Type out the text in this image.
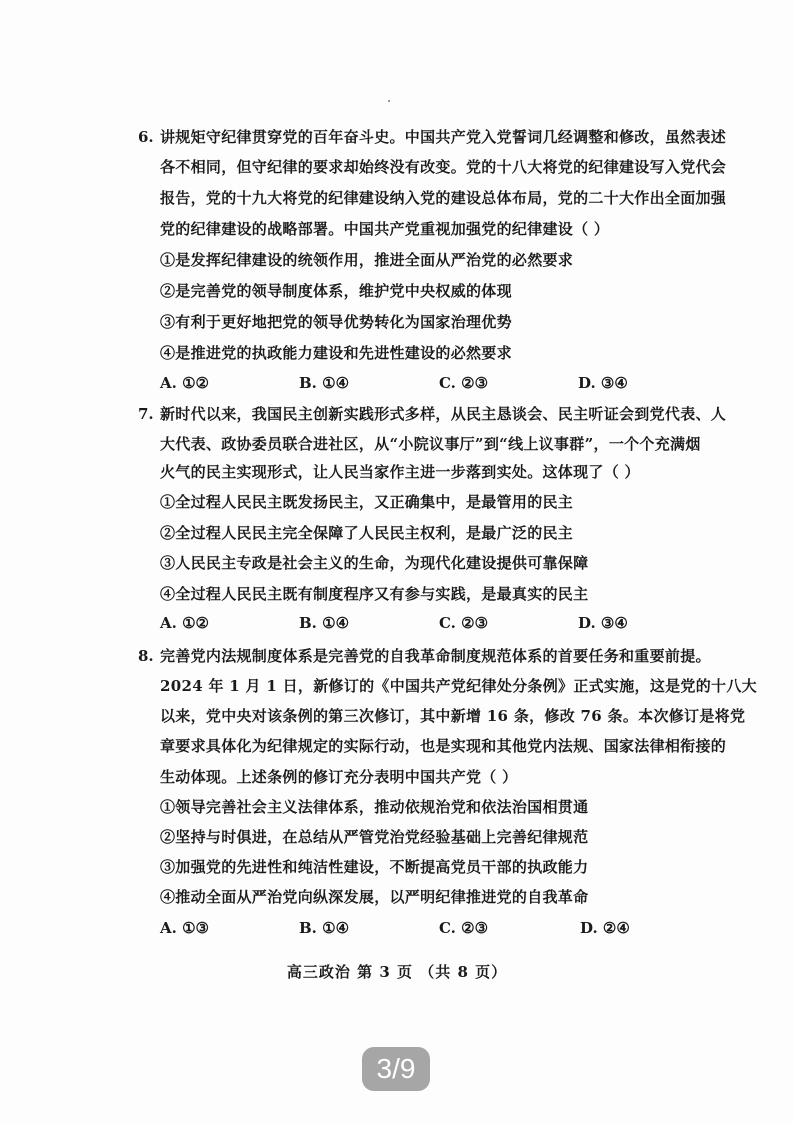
6. 讲规矩守纪律贯穿党的百年奋斗史。中国共产党入党誓词几经调整和修改，虽然表述
各不相同，但守纪律的要求却始终没有改变。党的十八大将党的纪律建设写入党代会
报告，党的十九大将党的纪律建设纳入党的建设总体布局，党的二十大作出全面加强
党的纪律建设的战略部署。中国共产党重视加强党的纪律建设（ ）
①是发挥纪律建设的统领作用，推进全面从严治党的必然要求
②是完善党的领导制度体系，维护党中央权威的体现
③有利于更好地把党的领导优势转化为国家治理优势
④是推进党的执政能力建设和先进性建设的必然要求
A. ①②	B. ①④	C. ②③	D. ③④
7. 新时代以来，我国民主创新实践形式多样，从民主恳谈会、民主听证会到党代表、人
大代表、政协委员联合进社区，从“小院议事厅”到“线上议事群”，一个个充满烟
火气的民主实现形式，让人民当家作主进一步落到实处。这体现了（ ）
①全过程人民民主既发扬民主，又正确集中，是最管用的民主
②全过程人民民主完全保障了人民民主权利，是最广泛的民主
③人民民主专政是社会主义的生命，为现代化建设提供可靠保障
④全过程人民民主既有制度程序又有参与实践，是最真实的民主
A. ①②	B. ①④	C. ②③	D. ③④
8. 完善党内法规制度体系是完善党的自我革命制度规范体系的首要任务和重要前提。
2024 年 1 月 1 日，新修订的《中国共产党纪律处分条例》正式实施，这是党的十八大
以来，党中央对该条例的第三次修订，其中新增 16 条，修改 76 条。本次修订是将党
章要求具体化为纪律规定的实际行动，也是实现和其他党内法规、国家法律相衔接的
生动体现。上述条例的修订充分表明中国共产党（ ）
①领导完善社会主义法律体系，推动依规治党和依法治国相贯通
②坚持与时俱进，在总结从严管党治党经验基础上完善纪律规范
③加强党的先进性和纯洁性建设，不断提高党员干部的执政能力
④推动全面从严治党向纵深发展，以严明纪律推进党的自我革命
A. ①③	B. ①④	C. ②③	D. ②④
高三政治 第 3 页 （共 8 页）
3/9
